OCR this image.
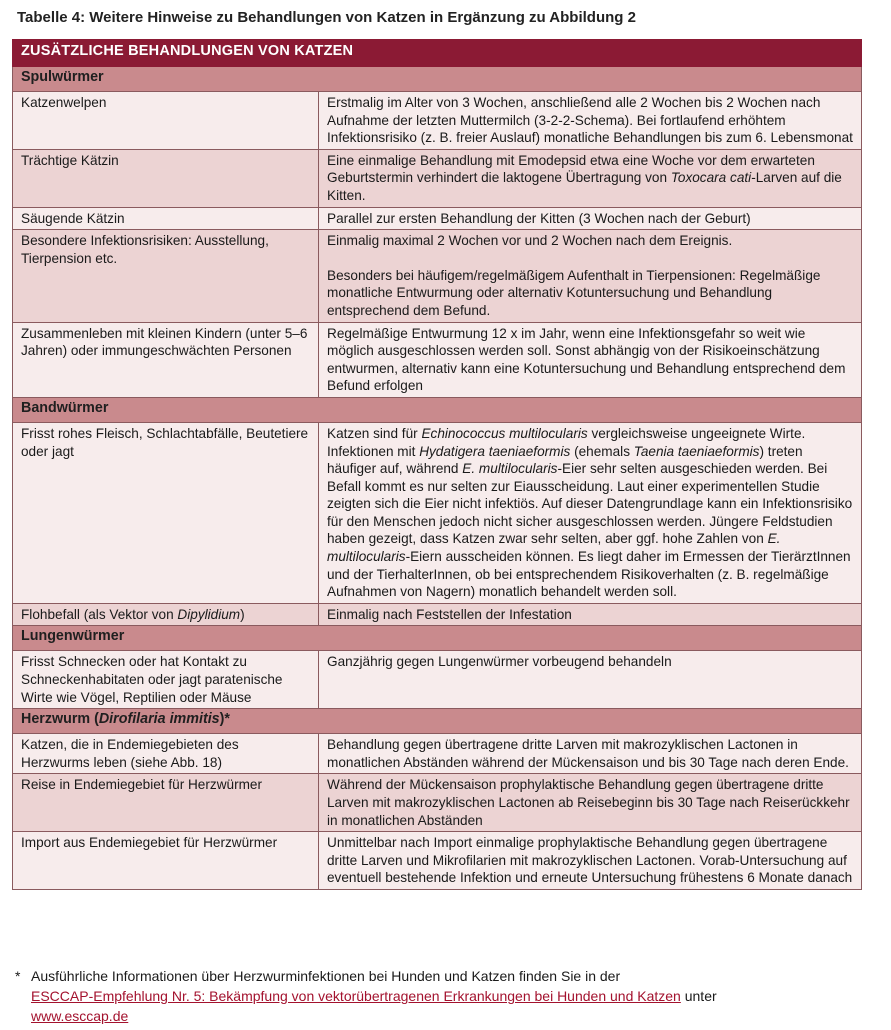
Tabelle 4: Weitere Hinweise zu Behandlungen von Katzen in Ergänzung zu Abbildung 2
ZUSÄTZLICHE BEHANDLUNGEN VON KATZEN	
Spulwürmer	
Katzenwelpen	Erstmalig im Alter von 3 Wochen, anschließend alle 2 Wochen bis 2 Wochen nach Aufnahme der letzten Muttermilch (3-2-2-Schema). Bei fortlaufend erhöhtem Infektionsrisiko (z. B. freier Auslauf) monatliche Behandlungen bis zum 6. Lebensmonat
Trächtige Kätzin	Eine einmalige Behandlung mit Emodepsid etwa eine Woche vor dem erwarteten Geburtstermin verhindert die laktogene Übertragung von Toxocara cati-Larven auf die Kitten.
Säugende Kätzin	Parallel zur ersten Behandlung der Kitten (3 Wochen nach der Geburt)
Besondere Infektionsrisiken: Ausstellung, Tierpension etc.	Einmalig maximal 2 Wochen vor und 2 Wochen nach dem Ereignis.
Besonders bei häufigem/regelmäßigem Aufenthalt in Tierpensionen: Regelmäßige monatliche Entwurmung oder alternativ Kotuntersuchung und Behandlung entsprechend dem Befund.

Zusammenleben mit kleinen Kindern (unter 5–6 Jahren) oder immungeschwächten Personen	Regelmäßige Entwurmung 12 x im Jahr, wenn eine Infektionsgefahr so weit wie möglich ausgeschlossen werden soll. Sonst abhängig von der Risikoeinschätzung entwurmen, alternativ kann eine Kotuntersuchung und Behandlung entsprechend dem Befund erfolgen
Bandwürmer	
Frisst rohes Fleisch, Schlachtabfälle, Beutetiere oder jagt	Katzen sind für Echinococcus multilocularis vergleichsweise ungeeignete Wirte. Infektionen mit Hydatigera taeniaeformis (ehemals Taenia taeniaeformis) treten häufiger auf, während E. multilocularis-Eier sehr selten ausgeschieden werden. Bei Befall kommt es nur selten zur Eiausscheidung. Laut einer experimentellen Studie zeigten sich die Eier nicht infektiös. Auf dieser Datengrundlage kann ein Infektionsrisiko für den Menschen jedoch nicht sicher ausgeschlossen werden. Jüngere Feldstudien haben gezeigt, dass Katzen zwar sehr selten, aber ggf. hohe Zahlen von E. multilocularis-Eiern ausscheiden können. Es liegt daher im Ermessen der TierärztInnen und der TierhalterInnen, ob bei entsprechendem Risikoverhalten (z. B. regelmäßige Aufnahmen von Nagern) monatlich behandelt werden soll.
Flohbefall (als Vektor von Dipylidium)	Einmalig nach Feststellen der Infestation
Lungenwürmer	
Frisst Schnecken oder hat Kontakt zu Schneckenhabitaten oder jagt paratenische Wirte wie Vögel, Reptilien oder Mäuse	Ganzjährig gegen Lungenwürmer vorbeugend behandeln
Herzwurm (Dirofilaria immitis)*	
Katzen, die in Endemiegebieten des Herzwurms leben (siehe Abb. 18)	Behandlung gegen übertragene dritte Larven mit makrozyklischen Lactonen in monatlichen Abständen während der Mückensaison und bis 30 Tage nach deren Ende.
Reise in Endemiegebiet für Herzwürmer	Während der Mückensaison prophylaktische Behandlung gegen übertragene dritte Larven mit makrozyklischen Lactonen ab Reisebeginn bis 30 Tage nach Reiserückkehr in monatlichen Abständen
Import aus Endemiegebiet für Herzwürmer	Unmittelbar nach Import einmalige prophylaktische Behandlung gegen übertragene dritte Larven und Mikrofilarien mit makrozyklischen Lactonen. Vorab-Untersuchung auf eventuell bestehende Infektion und erneute Untersuchung frühestens 6 Monate danach
* Ausführliche Informationen über Herzwurminfektionen bei Hunden und Katzen finden Sie in der
ESCCAP-Empfehlung Nr. 5: Bekämpfung von vektorübertragenen Erkrankungen bei Hunden und Katzen unter
www.esccap.de
